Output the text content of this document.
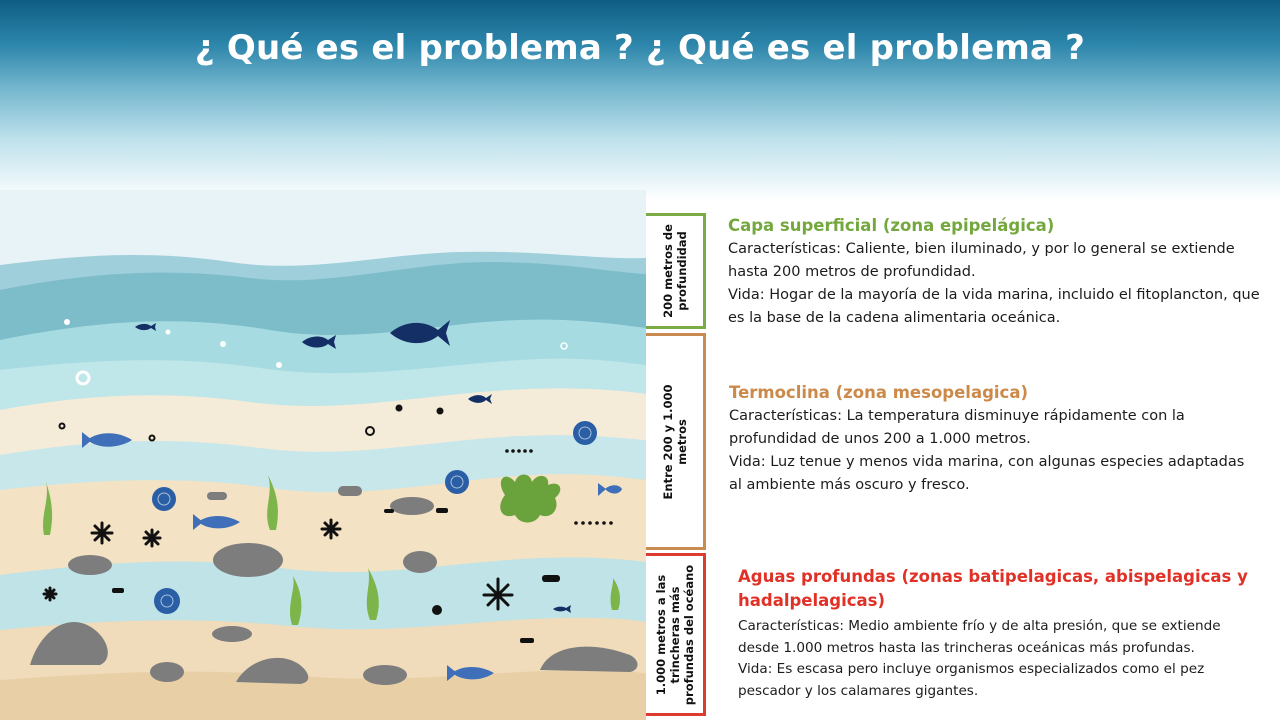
¿ Qué es el problema ? ¿ Qué es el problema ?
200 metros de profundidad
Entre 200 y 1.000 metros
1.000 metros a las trincheras más profundas del océano
Capa superficial (zona epipelágica)

Características: Caliente, bien iluminado, y por lo general se extiende hasta 200 metros de profundidad.

Vida: Hogar de la mayoría de la vida marina, incluido el fitoplancton, que es la base de la cadena alimentaria oceánica.

Termoclina (zona mesopelagica)

Características: La temperatura disminuye rápidamente con la profundidad de unos 200 a 1.000 metros.

Vida: Luz tenue y menos vida marina, con algunas especies adaptadas al ambiente más oscuro y fresco.

Aguas profundas (zonas batipelagicas, abispelagicas y hadalpelagicas)

Características: Medio ambiente frío y de alta presión, que se extiende desde 1.000 metros hasta las trincheras oceánicas más profundas.

Vida: Es escasa pero incluye organismos especializados como el pez pescador y los calamares gigantes.
